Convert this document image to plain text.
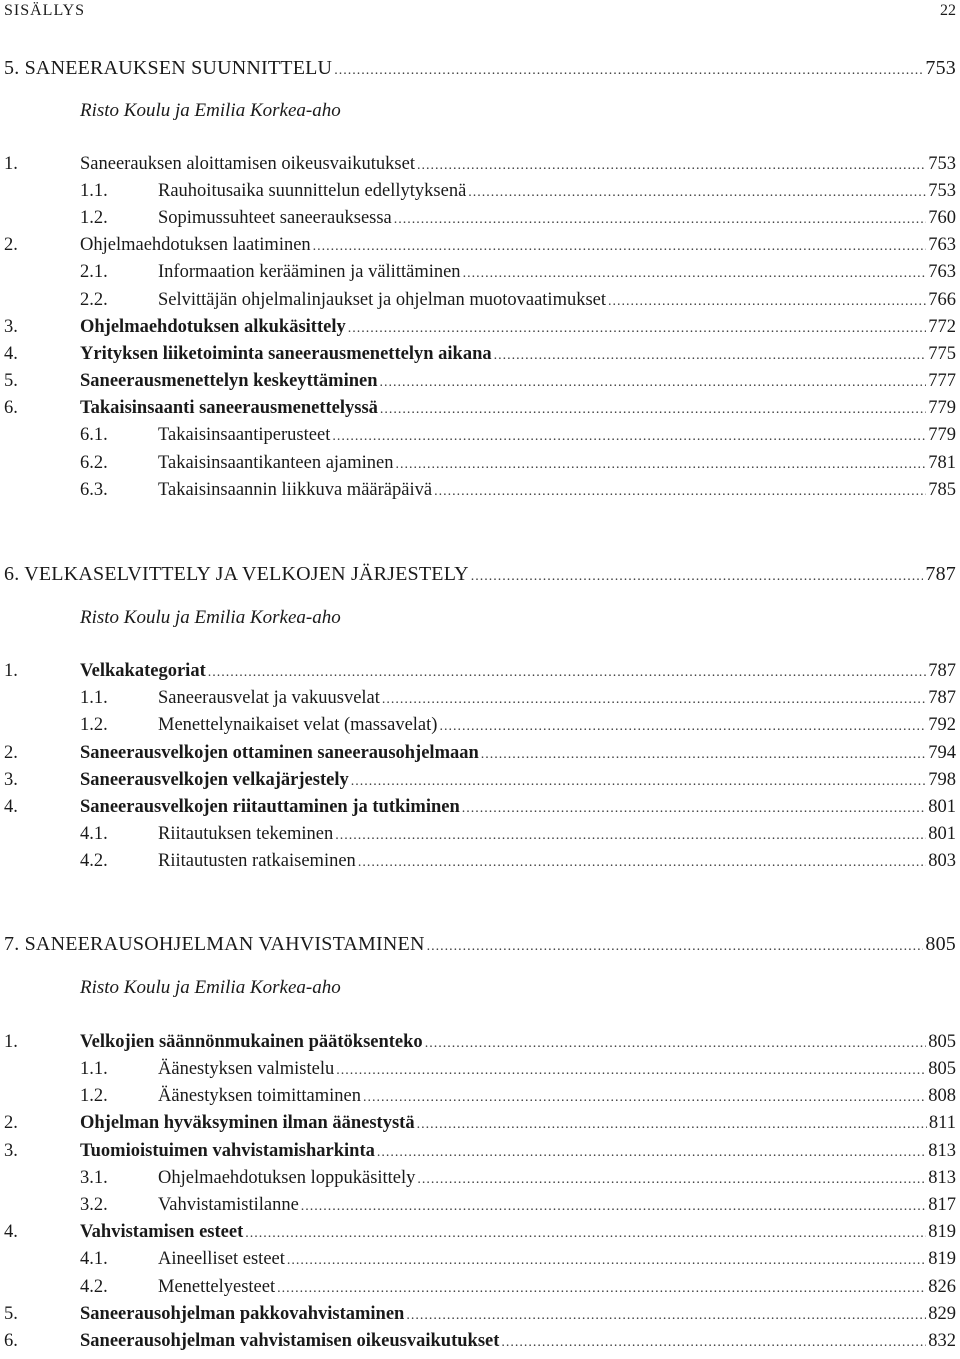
SISÄLLYS	22
5. SANEERAUKSEN SUUNNITTELU .....	753
Risto Koulu ja Emilia Korkea-aho
1.	Saneerauksen aloittamisen oikeusvaikutukset .....	753
1.1.	Rauhoitusaika suunnittelun edellytyksenä .....	753
1.2.	Sopimussuhteet saneerauksessa .....	760
2.	Ohjelmaehdotuksen laatiminen .....	763
2.1.	Informaation kerääminen ja välittäminen .....	763
2.2.	Selvittäjän ohjelmalinjaukset ja ohjelman muotovaatimukset .....	766
3.	Ohjelmaehdotuksen alkukäsittely .....	772
4.	Yrityksen liiketoiminta saneerausmenettelyn aikana .....	775
5.	Saneerausmenettelyn keskeyttäminen .....	777
6.	Takaisinsaanti saneerausmenettelyssä .....	779
6.1.	Takaisinsaantiperusteet .....	779
6.2.	Takaisinsaantikanteen ajaminen .....	781
6.3.	Takaisinsaannin liikkuva määräpäivä .....	785
6. VELKASELVITTELY JA VELKOJEN JÄRJESTELY .....	787
Risto Koulu ja Emilia Korkea-aho
1.	Velkakategoriat .....	787
1.1.	Saneerausvelat ja vakuusvelat .....	787
1.2.	Menettelynaikaiset velat (massavelat) .....	792
2.	Saneerausvelkojen ottaminen saneerausohjelmaan .....	794
3.	Saneerausvelkojen velkajärjestely .....	798
4.	Saneerausvelkojen riitauttaminen ja tutkiminen .....	801
4.1.	Riitautuksen tekeminen .....	801
4.2.	Riitautusten ratkaiseminen .....	803
7. SANEERAUSOHJELMAN VAHVISTAMINEN .....	805
Risto Koulu ja Emilia Korkea-aho
1.	Velkojien säännönmukainen päätöksenteko .....	805
1.1.	Äänestyksen valmistelu .....	805
1.2.	Äänestyksen toimittaminen .....	808
2.	Ohjelman hyväksyminen ilman äänestystä .....	811
3.	Tuomioistuimen vahvistamisharkinta .....	813
3.1.	Ohjelmaehdotuksen loppukäsittely .....	813
3.2.	Vahvistamistilanne .....	817
4.	Vahvistamisen esteet .....	819
4.1.	Aineelliset esteet .....	819
4.2.	Menettelyesteet .....	826
5.	Saneerausohjelman pakkovahvistaminen .....	829
6.	Saneerausohjelman vahvistamisen oikeusvaikutukset .....	832
